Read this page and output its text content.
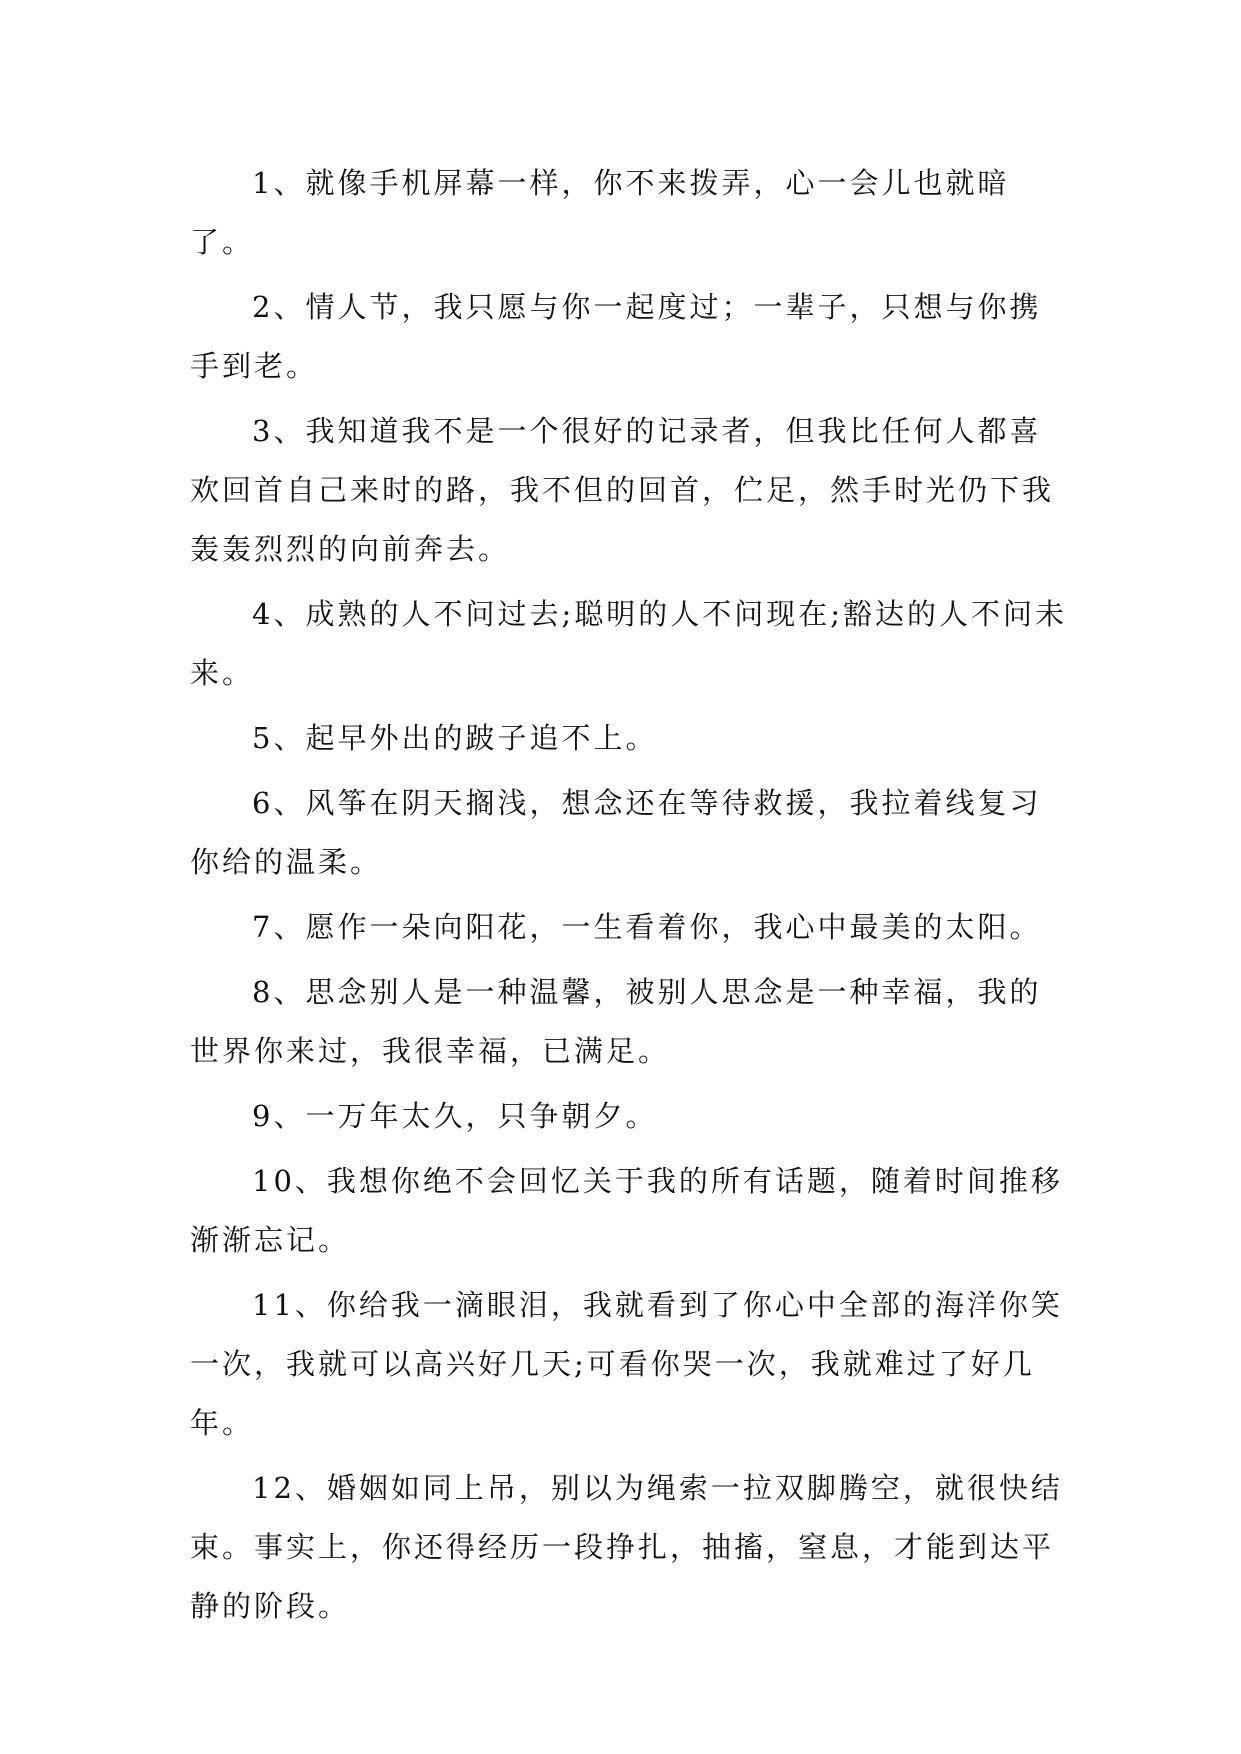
1、就像手机屏幕一样，你不来拨弄，心一会儿也就暗了。

2、情人节，我只愿与你一起度过；一辈子，只想与你携手到老。

3、我知道我不是一个很好的记录者，但我比任何人都喜欢回首自己来时的路，我不但的回首，伫足，然手时光仍下我轰轰烈烈的向前奔去。

4、成熟的人不问过去;聪明的人不问现在;豁达的人不问未来。

5、起早外出的跛子追不上。

6、风筝在阴天搁浅，想念还在等待救援，我拉着线复习你给的温柔。

7、愿作一朵向阳花，一生看着你，我心中最美的太阳。

8、思念别人是一种温馨，被别人思念是一种幸福，我的世界你来过，我很幸福，已满足。

9、一万年太久，只争朝夕。

10、我想你绝不会回忆关于我的所有话题，随着时间推移渐渐忘记。

11、你给我一滴眼泪，我就看到了你心中全部的海洋你笑一次，我就可以高兴好几天;可看你哭一次，我就难过了好几年。

12、婚姻如同上吊，别以为绳索一拉双脚腾空，就很快结束。事实上，你还得经历一段挣扎，抽搐，窒息，才能到达平静的阶段。
